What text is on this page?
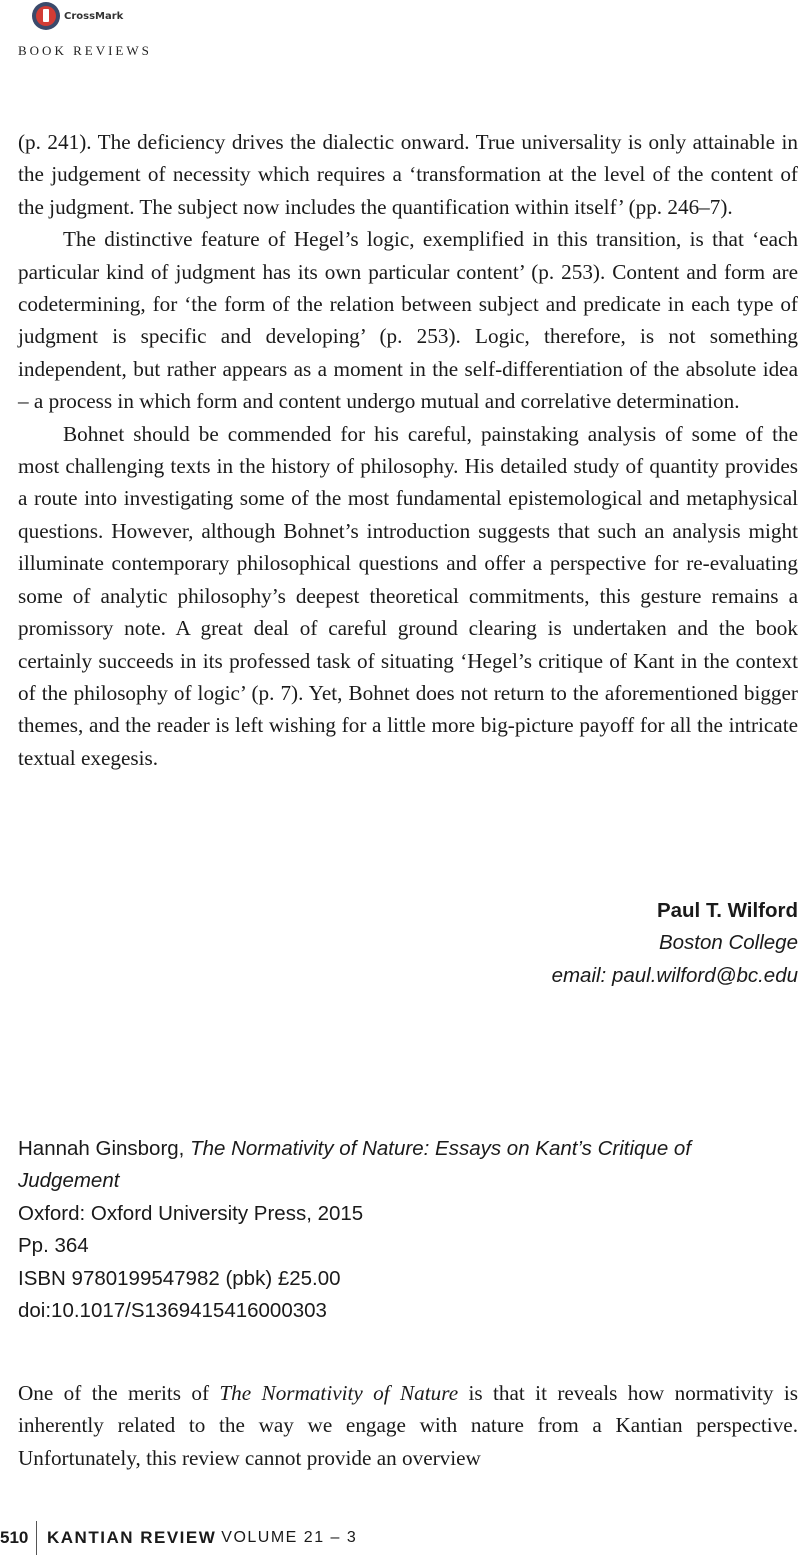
CrossMark
BOOK REVIEWS

(p. 241). The deficiency drives the dialectic onward. True universality is only attainable in the judgement of necessity which requires a ‘transformation at the level of the content of the judgment. The subject now includes the quantification within itself’ (pp. 246–7).

The distinctive feature of Hegel’s logic, exemplified in this transition, is that ‘each particular kind of judgment has its own particular content’ (p. 253). Content and form are codetermining, for ‘the form of the relation between subject and predicate in each type of judgment is specific and developing’ (p. 253). Logic, therefore, is not something independent, but rather appears as a moment in the self-differentiation of the absolute idea – a process in which form and content undergo mutual and correlative determination.

Bohnet should be commended for his careful, painstaking analysis of some of the most challenging texts in the history of philosophy. His detailed study of quantity provides a route into investigating some of the most fundamental epistemological and metaphysical questions. However, although Bohnet’s introduction suggests that such an analysis might illuminate contemporary philosophical questions and offer a perspective for re-evaluating some of analytic philosophy’s deepest theoretical commitments, this gesture remains a promissory note. A great deal of careful ground clearing is undertaken and the book certainly succeeds in its professed task of situating ‘Hegel’s critique of Kant in the context of the philosophy of logic’ (p. 7). Yet, Bohnet does not return to the aforementioned bigger themes, and the reader is left wishing for a little more big-picture payoff for all the intricate textual exegesis.

Paul T. Wilford
Boston College
email: paul.wilford@bc.edu
Hannah Ginsborg, The Normativity of Nature: Essays on Kant’s Critique of
Judgement
Oxford: Oxford University Press, 2015
Pp. 364
ISBN 9780199547982 (pbk) £25.00
doi:10.1017/S1369415416000303

One of the merits of The Normativity of Nature is that it reveals how normativity is inherently related to the way we engage with nature from a Kantian perspective. Unfortunately, this review cannot provide an overview

510	KANTIAN REVIEW VOLUME 21 – 3
